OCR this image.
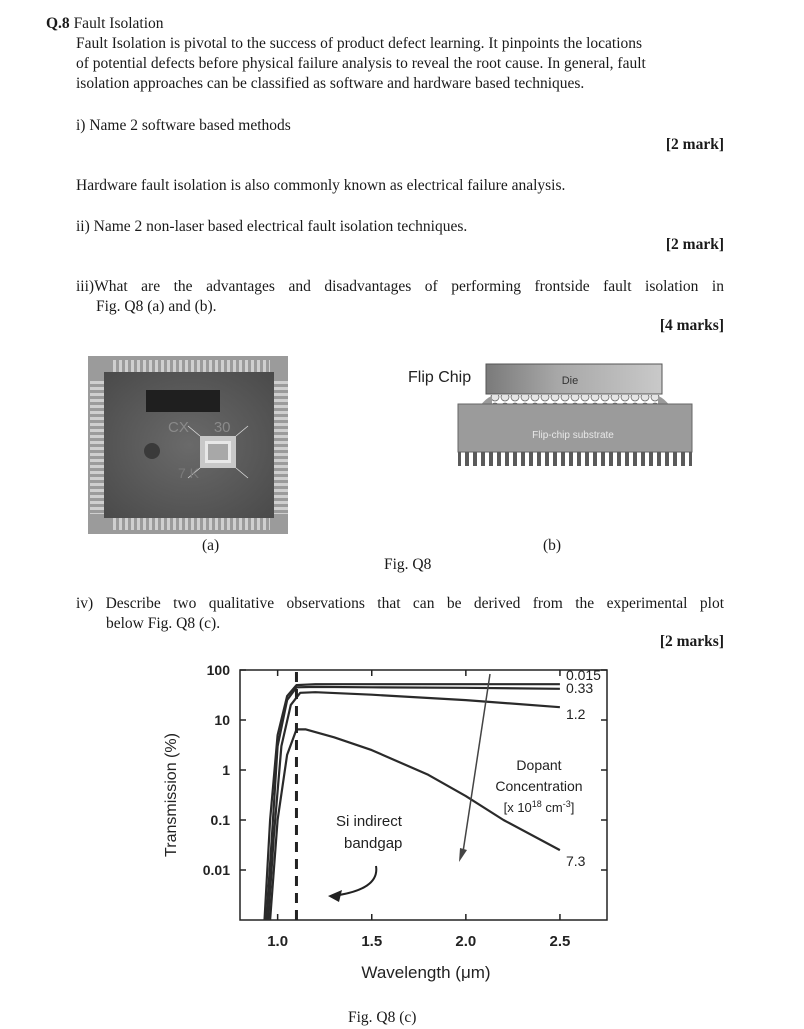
Q.8 Fault Isolation
Fault Isolation is pivotal to the success of product defect learning. It pinpoints the locations
of potential defects before physical failure analysis to reveal the root cause. In general, fault
isolation approaches can be classified as software and hardware based techniques.
i) Name 2 software based methods
[2 mark]
Hardware fault isolation is also commonly known as electrical failure analysis.
ii) Name 2 non-laser based electrical fault isolation techniques.
[2 mark]
iii)What are the advantages and disadvantages of performing frontside fault isolation in
Fig. Q8 (a) and (b).
[4 marks]
CX      30
7 K
Flip Chip	Die
Flip-chip substrate
(a)	(b)
Fig. Q8
iv) Describe two qualitative observations that can be derived from the experimental plot
below Fig. Q8 (c).
[2 marks]
100
10
1
0.1
0.01
1.0	1.5	2.0	2.5
0.015
0.33
1.2
7.3
Transmission (%)
Wavelength (μm)
Si indirect
bandgap
Dopant
Concentration
[x $10^{18}$ $cm^{-3}$]
Fig. Q8 (c)
